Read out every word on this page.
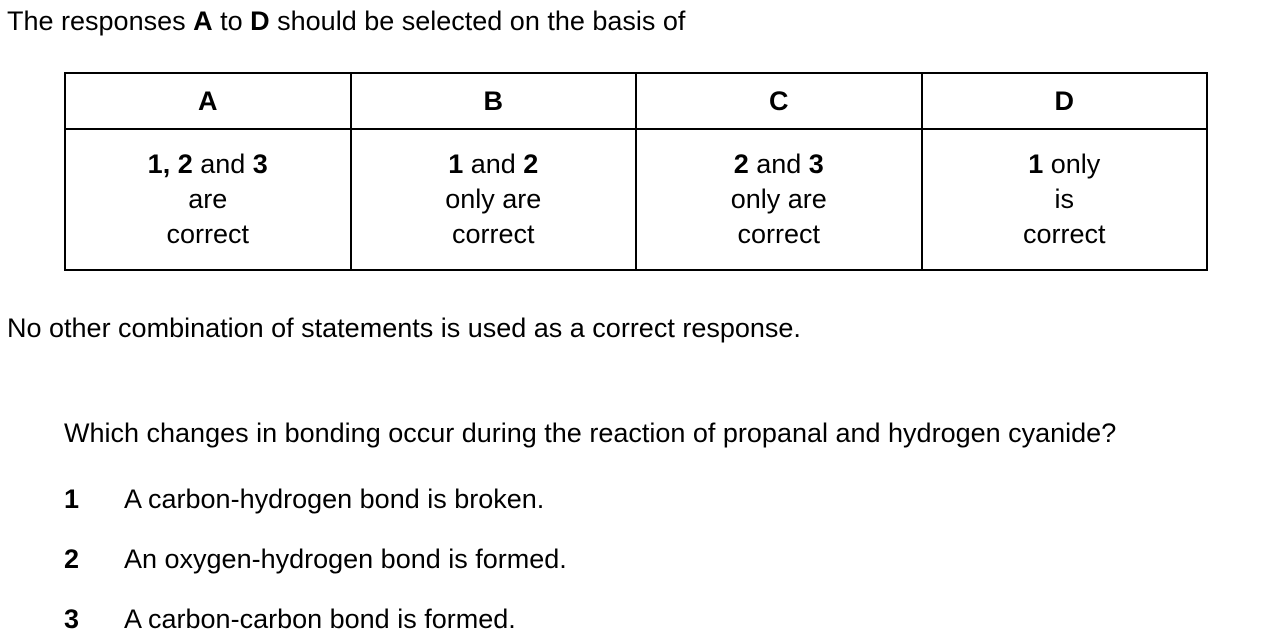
The responses A to D should be selected on the basis of
A	B	C	D
1, 2 and 3
are
correct	1 and 2
only are
correct	2 and 3
only are
correct	1 only
is
correct
No other combination of statements is used as a correct response.
Which changes in bonding occur during the reaction of propanal and hydrogen cyanide?
1 A carbon-hydrogen bond is broken.
2 An oxygen-hydrogen bond is formed.
3 A carbon-carbon bond is formed.
